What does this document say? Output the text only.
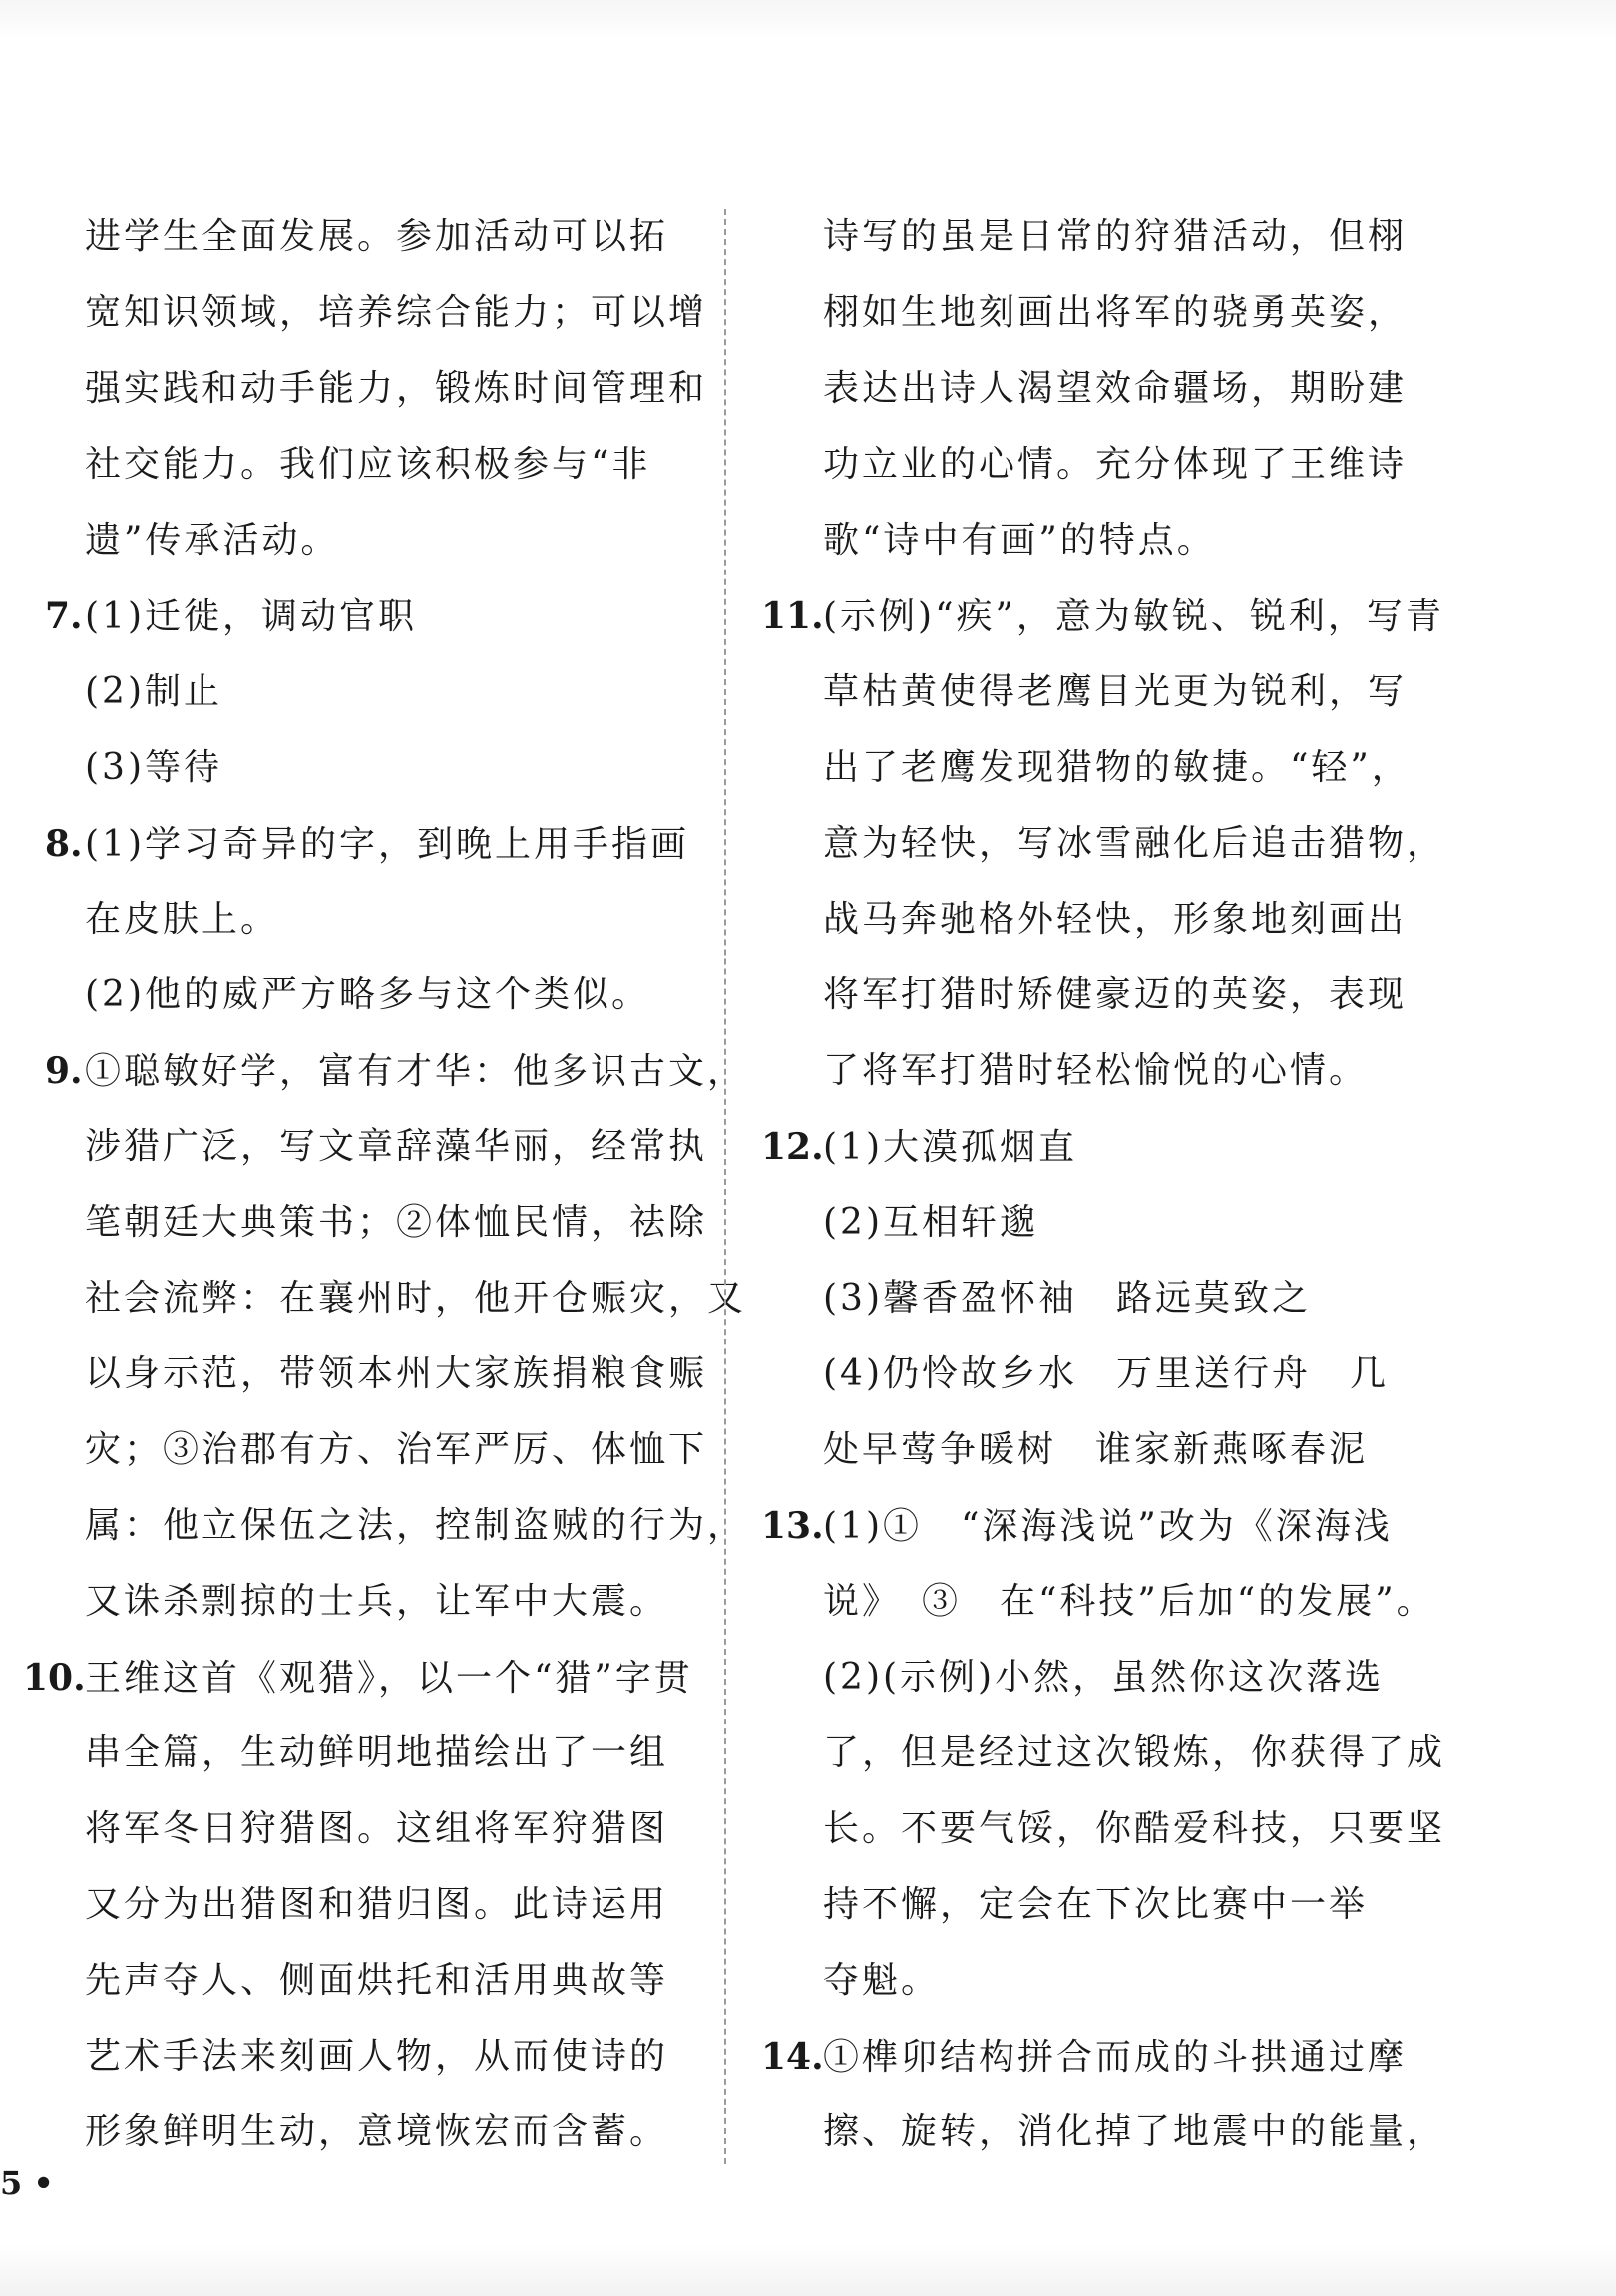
进学生全面发展。参加活动可以拓
宽知识领域，培养综合能力；可以增
强实践和动手能力，锻炼时间管理和
社交能力。我们应该积极参与“非
遗”传承活动。
7.(1)迁徙，调动官职
(2)制止
(3)等待
8.(1)学习奇异的字，到晚上用手指画
在皮肤上。
(2)他的威严方略多与这个类似。
9.①聪敏好学，富有才华：他多识古文，
涉猎广泛，写文章辞藻华丽，经常执
笔朝廷大典策书；②体恤民情，祛除
社会流弊：在襄州时，他开仓赈灾，又
以身示范，带领本州大家族捐粮食赈
灾；③治郡有方、治军严厉、体恤下
属：他立保伍之法，控制盗贼的行为，
又诛杀剽掠的士兵，让军中大震。
10.王维这首《观猎》，以一个“猎”字贯
串全篇，生动鲜明地描绘出了一组
将军冬日狩猎图。这组将军狩猎图
又分为出猎图和猎归图。此诗运用
先声夺人、侧面烘托和活用典故等
艺术手法来刻画人物，从而使诗的
形象鲜明生动，意境恢宏而含蓄。
诗写的虽是日常的狩猎活动，但栩
栩如生地刻画出将军的骁勇英姿，
表达出诗人渴望效命疆场，期盼建
功立业的心情。充分体现了王维诗
歌“诗中有画”的特点。
11.(示例)“疾”，意为敏锐、锐利，写青
草枯黄使得老鹰目光更为锐利，写
出了老鹰发现猎物的敏捷。“轻”，
意为轻快，写冰雪融化后追击猎物，
战马奔驰格外轻快，形象地刻画出
将军打猎时矫健豪迈的英姿，表现
了将军打猎时轻松愉悦的心情。
12.(1)大漠孤烟直
(2)互相轩邈
(3)馨香盈怀袖　路远莫致之
(4)仍怜故乡水　万里送行舟　几
处早莺争暖树　谁家新燕啄春泥
13.(1)①　“深海浅说”改为《深海浅
说》　③　在“科技”后加“的发展”。
(2)(示例)小然，虽然你这次落选
了，但是经过这次锻炼，你获得了成
长。不要气馁，你酷爱科技，只要坚
持不懈，定会在下次比赛中一举
夺魁。
14.①榫卯结构拼合而成的斗拱通过摩
擦、旋转，消化掉了地震中的能量，
5 •
